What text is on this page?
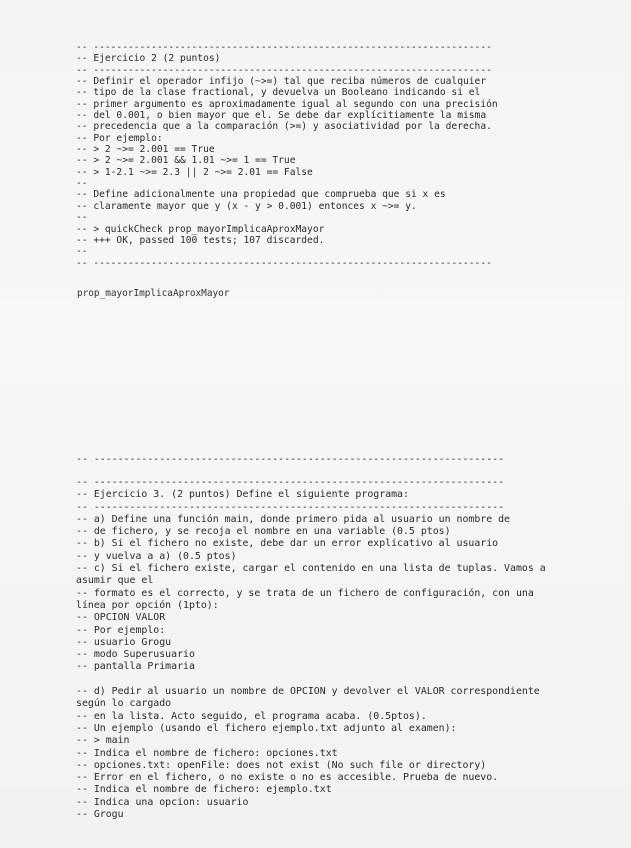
-- ---------------------------------------------------------------------
-- Ejercicio 2 (2 puntos)
-- ---------------------------------------------------------------------
-- Definir el operador infijo (~>=) tal que reciba números de cualquier
-- tipo de la clase fractional, y devuelva un Booleano indicando si el
-- primer argumento es aproximadamente igual al segundo con una precisión
-- del 0.001, o bien mayor que el. Se debe dar explícitiamente la misma
-- precedencia que a la comparación (>=) y asociatividad por la derecha.
-- Por ejemplo:
-- > 2 ~>= 2.001 == True
-- > 2 ~>= 2.001 && 1.01 ~>= 1 == True
-- > 1-2.1 ~>= 2.3 || 2 ~>= 2.01 == False
--
-- Define adicionalmente una propiedad que comprueba que si x es
-- claramente mayor que y (x - y > 0.001) entonces x ~>= y.
--
-- > quickCheck prop_mayorImplicaAproxMayor
-- +++ OK, passed 100 tests; 107 discarded.
--
-- ---------------------------------------------------------------------
prop_mayorImplicaAproxMayor
-- ---------------------------------------------------------------------
-- ---------------------------------------------------------------------
-- Ejercicio 3. (2 puntos) Define el siguiente programa:
-- ---------------------------------------------------------------------
-- a) Define una función main, donde primero pida al usuario un nombre de
-- de fichero, y se recoja el nombre en una variable (0.5 ptos)
-- b) Si el fichero no existe, debe dar un error explicativo al usuario
-- y vuelva a a) (0.5 ptos)
-- c) Si el fichero existe, cargar el contenido en una lista de tuplas. Vamos a asumir que el
-- formato es el correcto, y se trata de un fichero de configuración, con una línea por opción (1pto):
-- OPCION VALOR
-- Por ejemplo:
-- usuario Grogu
-- modo Superusuario
-- pantalla Primaria
-- d) Pedir al usuario un nombre de OPCION y devolver el VALOR correspondiente según lo cargado
-- en la lista. Acto seguido, el programa acaba. (0.5ptos).
-- Un ejemplo (usando el fichero ejemplo.txt adjunto al examen):
-- > main
-- Indica el nombre de fichero: opciones.txt
-- opciones.txt: openFile: does not exist (No such file or directory)
-- Error en el fichero, o no existe o no es accesible. Prueba de nuevo.
-- Indica el nombre de fichero: ejemplo.txt
-- Indica una opcion: usuario
-- Grogu
